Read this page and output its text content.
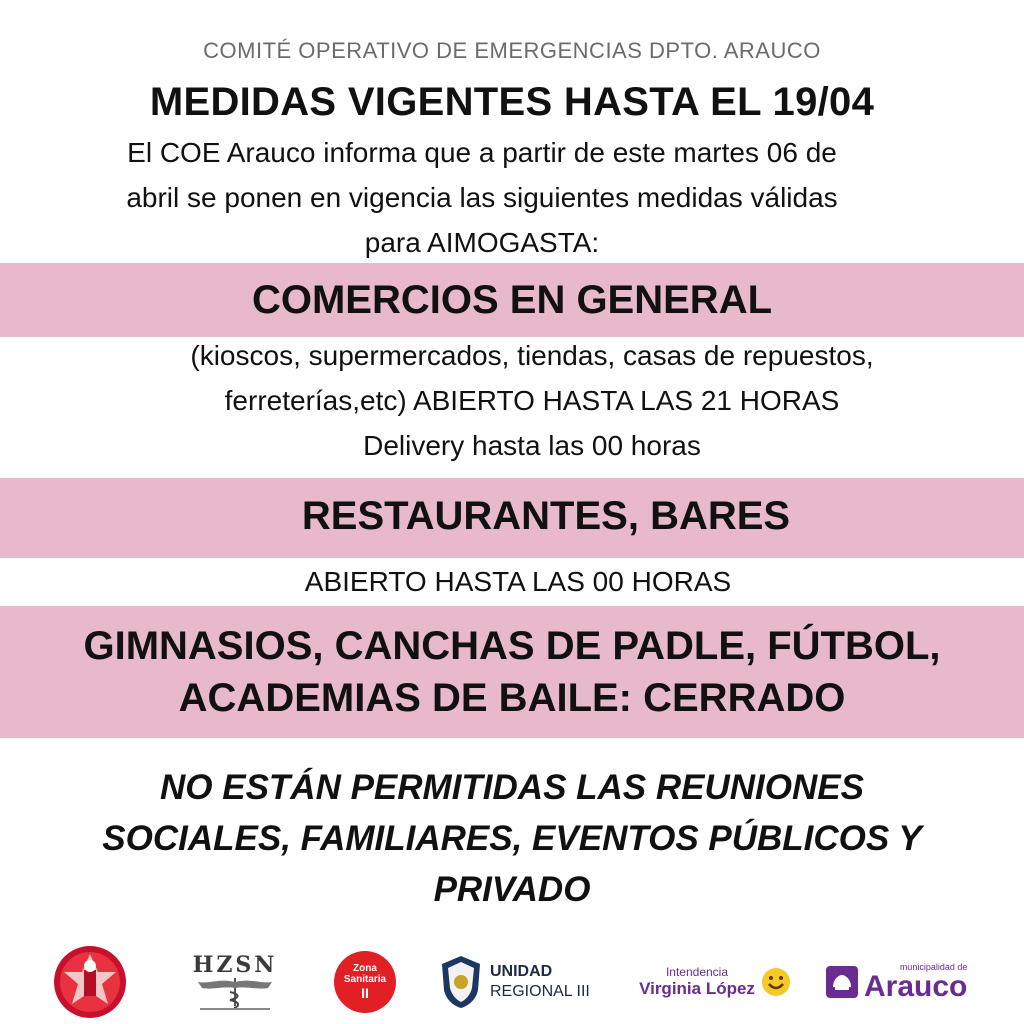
COMITÉ OPERATIVO DE EMERGENCIAS DPTO. ARAUCO
MEDIDAS VIGENTES HASTA EL 19/04
El COE Arauco informa que a partir de este martes 06 de
abril se ponen en vigencia las siguientes medidas válidas
para AIMOGASTA:
COMERCIOS EN GENERAL
(kioscos, supermercados, tiendas, casas de repuestos,
ferreterías,etc) ABIERTO HASTA LAS 21 HORAS
Delivery hasta las 00 horas
RESTAURANTES, BARES
ABIERTO HASTA LAS 00 HORAS
GIMNASIOS, CANCHAS DE PADLE, FÚTBOL,
ACADEMIAS DE BAILE: CERRADO
NO ESTÁN PERMITIDAS LAS REUNIONES
SOCIALES, FAMILIARES, EVENTOS PÚBLICOS Y
PRIVADO
HZSN	Zona
Sanitaria
II
UNIDAD
REGIONAL III
Intendencia
Virginia López
municipalidad de
Arauco
